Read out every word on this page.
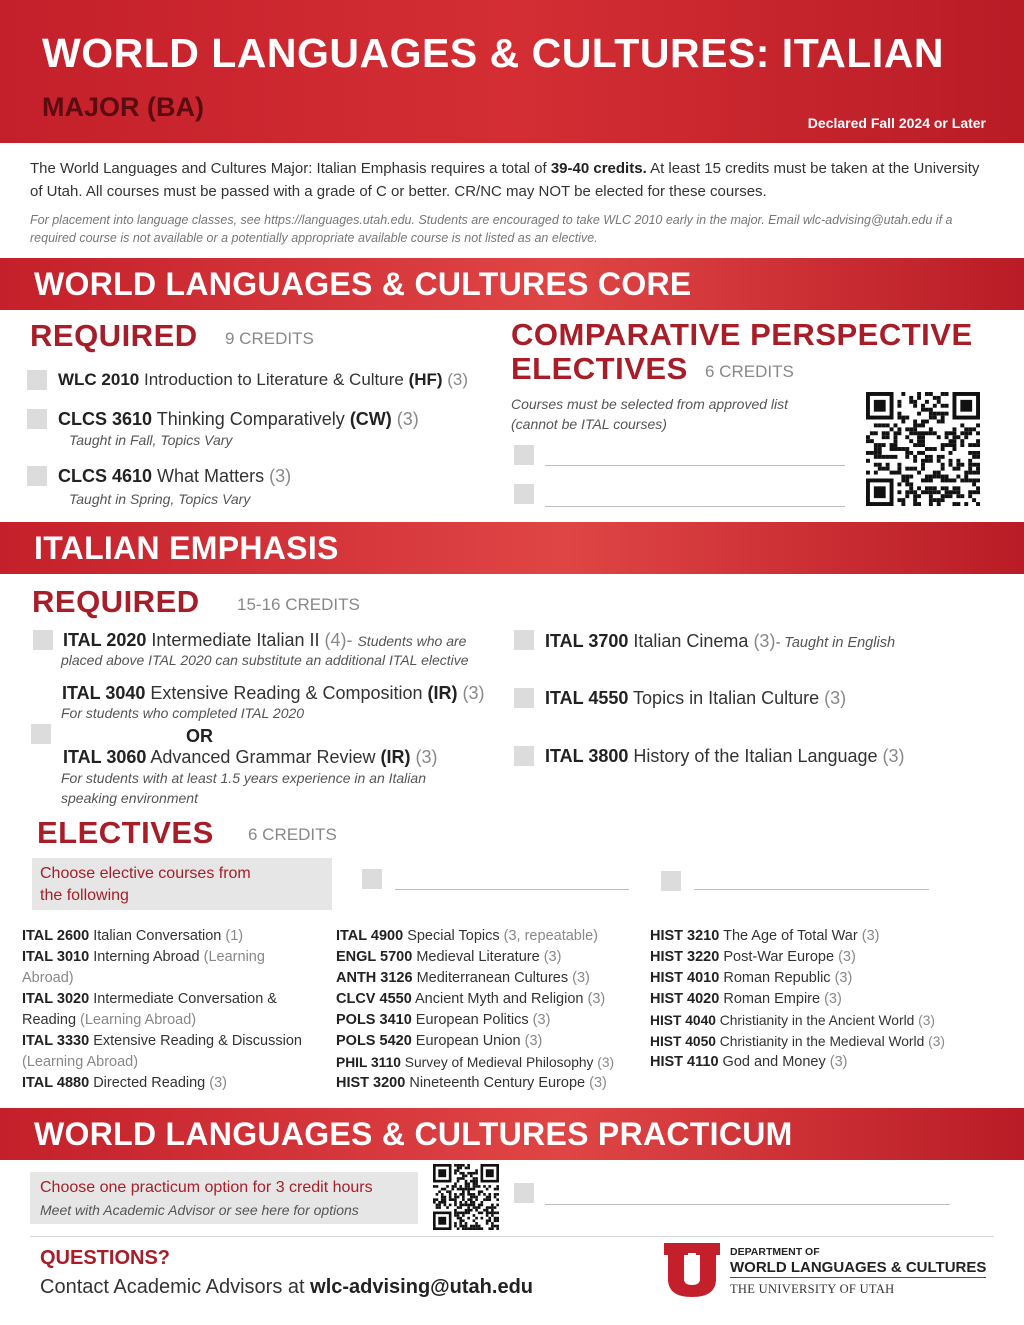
WORLD LANGUAGES & CULTURES: ITALIAN
MAJOR (BA)
Declared Fall 2024 or Later
The World Languages and Cultures Major: Italian Emphasis requires a total of 39-40 credits. At least 15 credits must be taken at the University of Utah. All courses must be passed with a grade of C or better. CR/NC may NOT be elected for these courses.
For placement into language classes, see https://languages.utah.edu. Students are encouraged to take WLC 2010 early in the major. Email wlc-advising@utah.edu if a required course is not available or a potentially appropriate available course is not listed as an elective.
WORLD LANGUAGES & CULTURES CORE
REQUIRED 9 CREDITS
WLC 2010 Introduction to Literature & Culture (HF) (3)
CLCS 3610 Thinking Comparatively (CW) (3)
Taught in Fall, Topics Vary
CLCS 4610 What Matters (3)
Taught in Spring, Topics Vary
COMPARATIVE PERSPECTIVE
ELECTIVES 6 CREDITS
Courses must be selected from approved list
(cannot be ITAL courses)
ITALIAN EMPHASIS
REQUIRED 15-16 CREDITS
ITAL 2020 Intermediate Italian II (4)- Students who are
placed above ITAL 2020 can substitute an additional ITAL elective
ITAL 3040 Extensive Reading & Composition (IR) (3)
For students who completed ITAL 2020
OR
ITAL 3060 Advanced Grammar Review (IR) (3)
For students with at least 1.5 years experience in an Italian
speaking environment
ITAL 3700 Italian Cinema (3)- Taught in English
ITAL 4550 Topics in Italian Culture (3)
ITAL 3800 History of the Italian Language (3)
ELECTIVES 6 CREDITS
Choose elective courses from
the following
ITAL 2600 Italian Conversation (1)
ITAL 3010 Interning Abroad (Learning
Abroad)
ITAL 3020 Intermediate Conversation &
Reading (Learning Abroad)
ITAL 3330 Extensive Reading & Discussion
(Learning Abroad)
ITAL 4880 Directed Reading (3)
ITAL 4900 Special Topics (3, repeatable)
ENGL 5700 Medieval Literature (3)
ANTH 3126 Mediterranean Cultures (3)
CLCV 4550 Ancient Myth and Religion (3)
POLS 3410 European Politics (3)
POLS 5420 European Union (3)
PHIL 3110 Survey of Medieval Philosophy (3)
HIST 3200 Nineteenth Century Europe (3)
HIST 3210 The Age of Total War (3)
HIST 3220 Post-War Europe (3)
HIST 4010 Roman Republic (3)
HIST 4020 Roman Empire (3)
HIST 4040 Christianity in the Ancient World (3)
HIST 4050 Christianity in the Medieval World (3)
HIST 4110 God and Money (3)
WORLD LANGUAGES & CULTURES PRACTICUM
Choose one practicum option for 3 credit hours
Meet with Academic Advisor or see here for options
QUESTIONS?
Contact Academic Advisors at wlc-advising@utah.edu
DEPARTMENT OF
WORLD LANGUAGES & CULTURES
THE UNIVERSITY OF UTAH
